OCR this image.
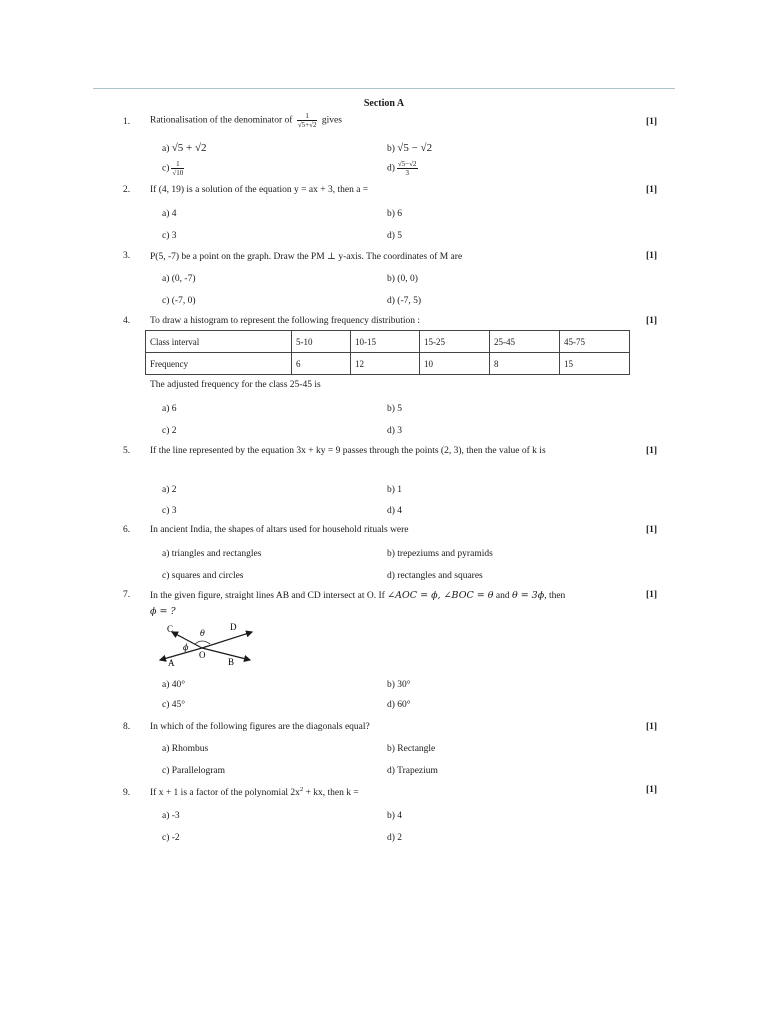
Section A
1. Rationalisation of the denominator of $\frac{1}{√5+√2}$ gives	[1]
a) √5 + √2	b) √5 − √2
$c) \frac{1}{√10}$	$d) \frac{√5-√2}{3}$
2. If (4, 19) is a solution of the equation y = ax + 3, then a =	[1]
a) 4	b) 6
c) 3	d) 5
3. P(5, -7) be a point on the graph. Draw the PM ⊥ y-axis. The coordinates of M are	[1]
a) (0, -7)	b) (0, 0)
c) (-7, 0)	d) (-7, 5)
4. To draw a histogram to represent the following frequency distribution :	[1]
Class interval	5-10	10-15	15-25	25-45	45-75
Frequency	6	12	10	8	15
The adjusted frequency for the class 25-45 is
a) 6	b) 5
c) 2	d) 3
5. If the line represented by the equation 3x + ky = 9 passes through the points (2, 3), then the value of k is	[1]
a) 2	b) 1
c) 3	d) 4
6. In ancient India, the shapes of altars used for household rituals were	[1]
a) triangles and rectangles	b) trepeziums and pyramids
c) squares and circles	d) rectangles and squares
7. In the given figure, straight lines AB and CD intersect at O. If ∠AOC = ϕ, ∠BOC = θ and θ = 3ϕ, then
ϕ = ?
[1]
C	D
A	B
O
θ
ϕ
a) 40°	b) 30°
c) 45°	d) 60°
8. In which of the following figures are the diagonals equal?	[1]
a) Rhombus	b) Rectangle
c) Parallelogram	d) Trapezium
9. If x + 1 is a factor of the polynomial $2x^2$ + kx, then k =	[1]
a) -3	b) 4
c) -2	d) 2
